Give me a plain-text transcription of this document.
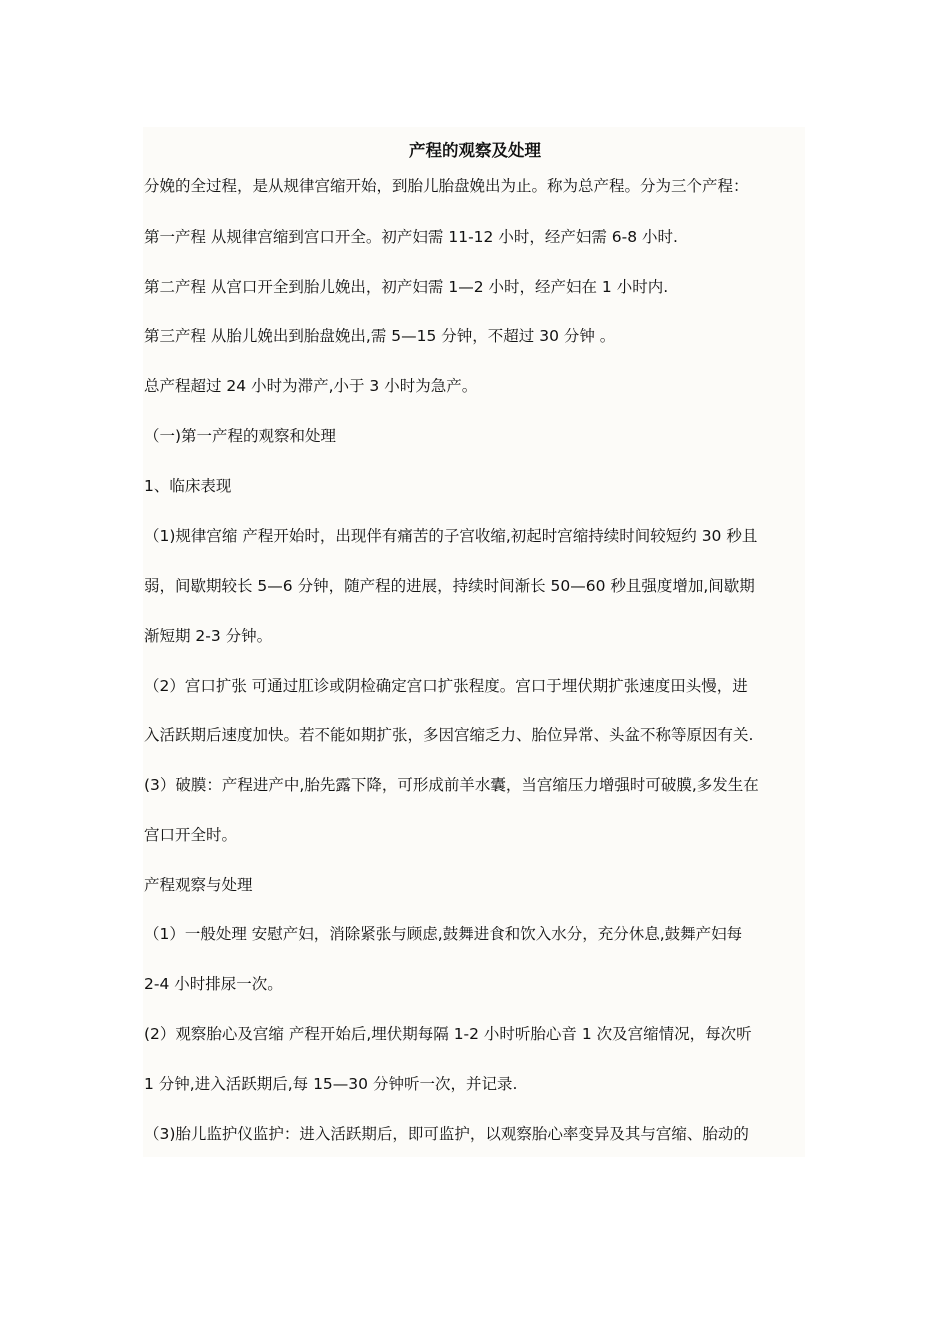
产程的观察及处理
分娩的全过程，是从规律宫缩开始，到胎儿胎盘娩出为止。称为总产程。分为三个产程：
第一产程 从规律宫缩到宫口开全。初产妇需 11-12 小时，经产妇需 6-8 小时.
第二产程 从宫口开全到胎儿娩出，初产妇需 1—2 小时，经产妇在 1 小时内.
第三产程 从胎儿娩出到胎盘娩出,需 5—15 分钟，不超过 30 分钟 。
总产程超过 24 小时为滞产,小于 3 小时为急产。
（一)第一产程的观察和处理
1、临床表现
（1)规律宫缩 产程开始时，出现伴有痛苦的子宫收缩,初起时宫缩持续时间较短约 30 秒且
弱，间歇期较长 5—6 分钟，随产程的进展，持续时间渐长 50—60 秒且强度增加,间歇期
渐短期 2-3 分钟。
（2）宫口扩张 可通过肛诊或阴检确定宫口扩张程度。宫口于埋伏期扩张速度田头慢，进
入活跃期后速度加快。若不能如期扩张，多因宫缩乏力、胎位异常、头盆不称等原因有关.
(3）破膜：产程进产中,胎先露下降，可形成前羊水囊，当宫缩压力增强时可破膜,多发生在
宫口开全时。
产程观察与处理
（1）一般处理 安慰产妇，消除紧张与顾虑,鼓舞进食和饮入水分，充分休息,鼓舞产妇每
2-4 小时排尿一次。
(2）观察胎心及宫缩 产程开始后,埋伏期每隔 1-2 小时听胎心音 1 次及宫缩情况，每次听
1 分钟,进入活跃期后,每 15—30 分钟听一次，并记录.
（3)胎儿监护仪监护：进入活跃期后，即可监护，以观察胎心率变异及其与宫缩、胎动的
